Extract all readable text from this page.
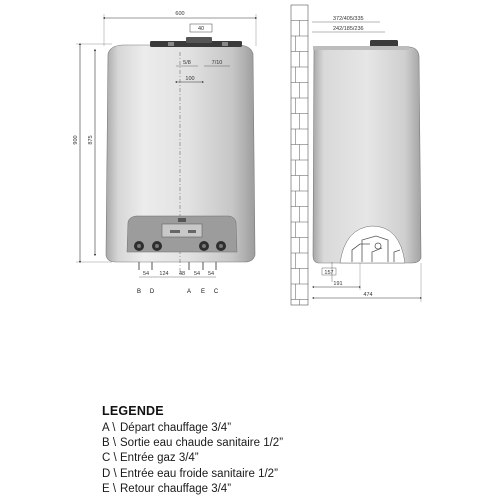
600
40
900 875
5/8	7/10
100
54 124 48 54 54
B D	A E C
372/405/335
242/185/236
157
191
474
LEGENDE
A \ Départ chauffage 3/4”
B \ Sortie eau chaude sanitaire 1/2”
C \ Entrée gaz 3/4”
D \ Entrée eau froide sanitaire 1/2”
E \ Retour chauffage 3/4”
